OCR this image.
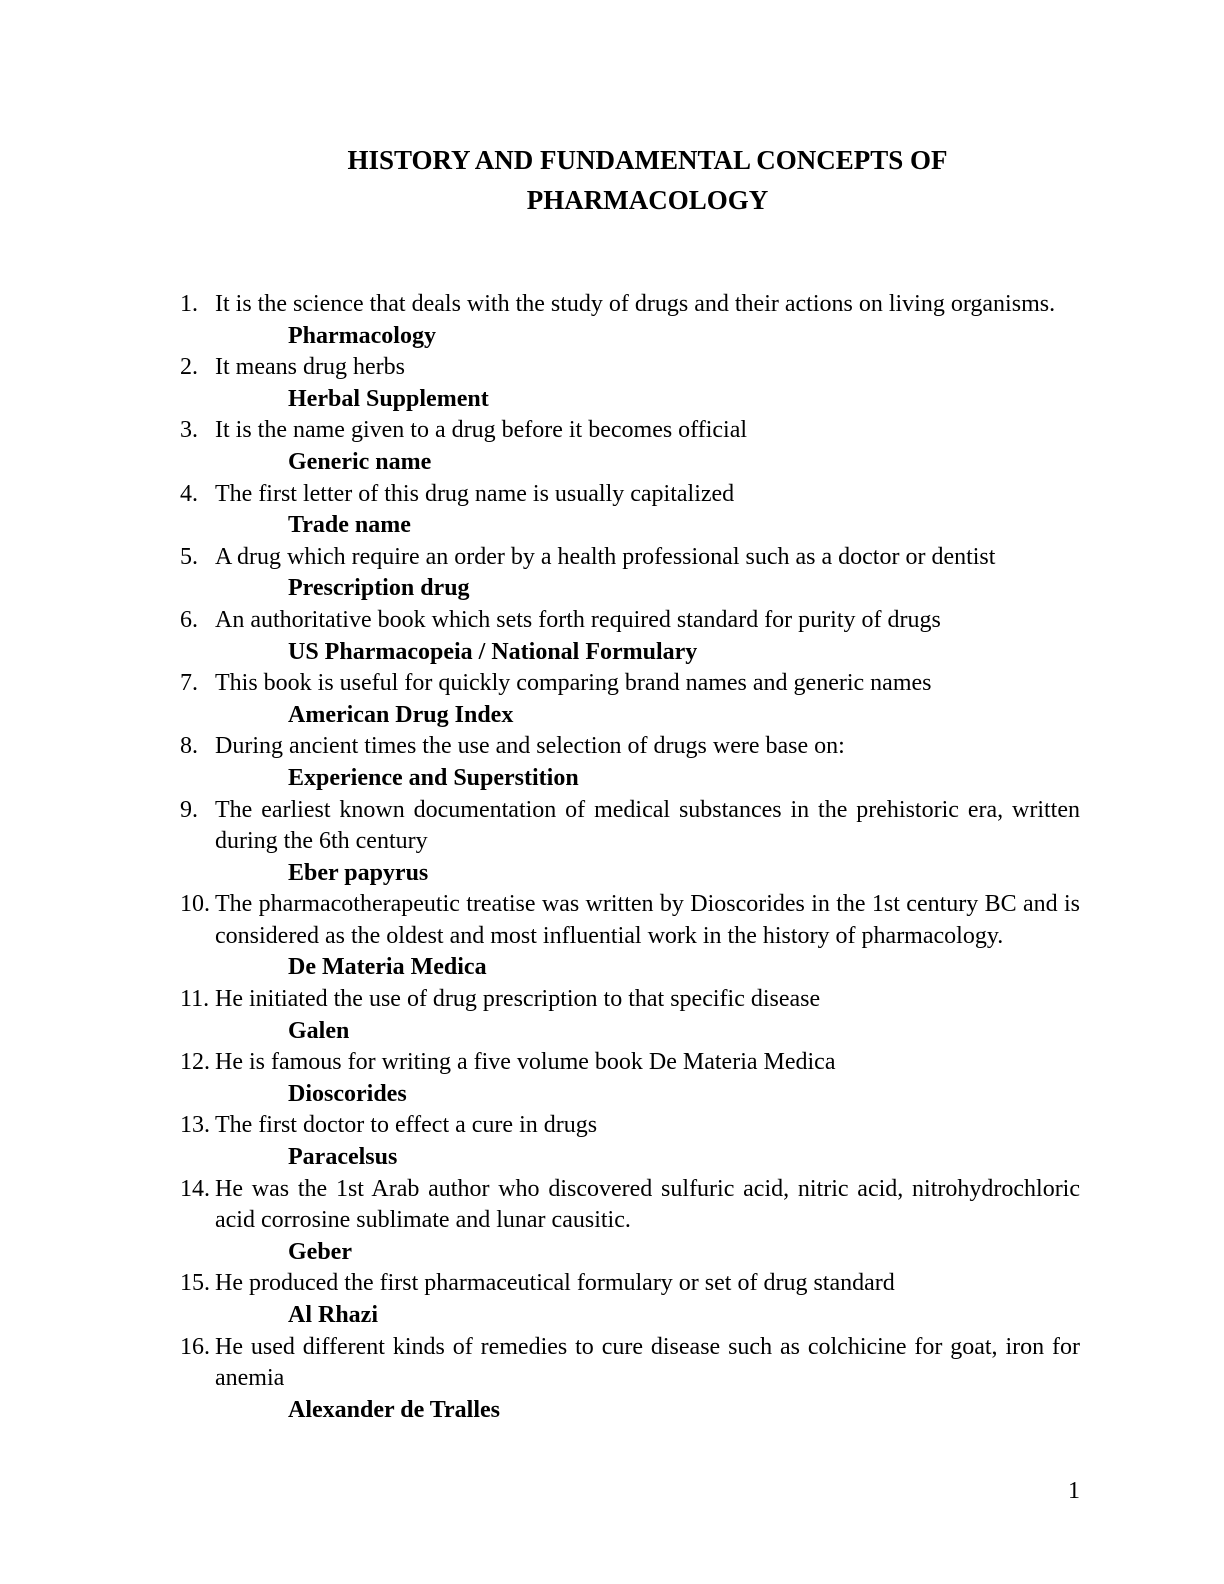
HISTORY AND FUNDAMENTAL CONCEPTS OF
PHARMACOLOGY
1. It is the science that deals with the study of drugs and their actions on living organisms.

Pharmacology

2. It means drug herbs

Herbal Supplement

3. It is the name given to a drug before it becomes official

Generic name

4. The first letter of this drug name is usually capitalized

Trade name

5. A drug which require an order by a health professional such as a doctor or dentist

Prescription drug

6. An authoritative book which sets forth required standard for purity of drugs

US Pharmacopeia / National Formulary

7. This book is useful for quickly comparing brand names and generic names

American Drug Index

8. During ancient times the use and selection of drugs were base on:

Experience and Superstition

9. The earliest known documentation of medical substances in the prehistoric era, written during the 6th century

Eber papyrus

10. The pharmacotherapeutic treatise was written by Dioscorides in the 1st century BC and is considered as the oldest and most influential work in the history of pharmacology.

De Materia Medica

11. He initiated the use of drug prescription to that specific disease

Galen

12. He is famous for writing a five volume book De Materia Medica

Dioscorides

13. The first doctor to effect a cure in drugs

Paracelsus

14. He was the 1st Arab author who discovered sulfuric acid, nitric acid, nitrohydrochloric acid corrosine sublimate and lunar causitic.

Geber

15. He produced the first pharmaceutical formulary or set of drug standard

Al Rhazi

16. He used different kinds of remedies to cure disease such as colchicine for goat, iron for anemia

Alexander de Tralles

1
